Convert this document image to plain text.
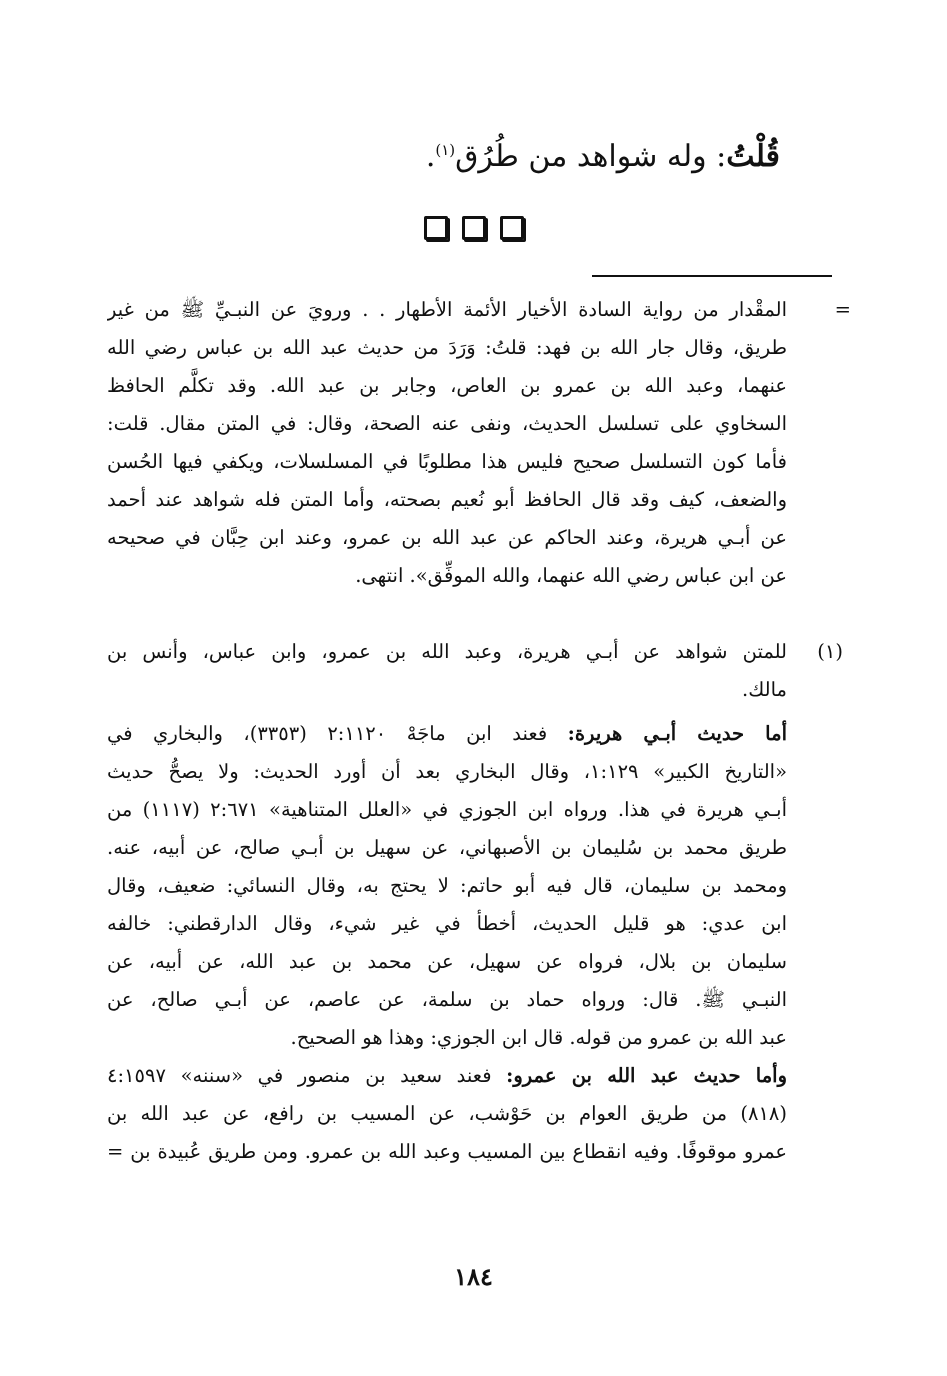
قُلْتُ: وله شواهد من طُرُق$^{(١)}$.
=
المقْدار من رواية السادة الأخيار الأئمة الأطهار . . ورويَ عن النبـيِّ ﷺ من غير
طريق، وقال جار الله بن فهد: قلتُ: وَرَدَ من حديث عبد الله بن عباس رضي الله
عنهما، وعبد الله بن عمرو بن العاص، وجابر بن عبد الله. وقد تكلَّم الحافظ
السخاوي على تسلسل الحديث، ونفى عنه الصحة، وقال: في المتن مقال. قلت:
فأما كون التسلسل صحيح فليس هذا مطلوبًا في المسلسلات، ويكفي فيها الحُسن
والضعف، كيف وقد قال الحافظ أبو نُعيم بصحته، وأما المتن فله شواهد عند أحمد
عن أبـي هريرة، وعند الحاكم عن عبد الله بن عمرو، وعند ابن حِبَّان في صحيحه
عن ابن عباس رضي الله عنهما، والله الموفِّق». انتهى.
(١)
للمتن شواهد عن أبـي هريرة، وعبد الله بن عمرو، وابن عباس، وأنس بن
مالك.
أما حديث أبـي هريرة: فعند ابن ماجَهْ ٢:١١٢٠ (٣٣٥٣)، والبخاري في
«التاريخ الكبير» ١:١٢٩، وقال البخاري بعد أن أورد الحديث: ولا يصحُّ حديث
أبـي هريرة في هذا. ورواه ابن الجوزي في «العلل المتناهية» ٢:٦٧١ (١١١٧) من
طريق محمد بن سُليمان بن الأصبهاني، عن سهيل بن أبـي صالح، عن أبيه، عنه.
ومحمد بن سليمان، قال فيه أبو حاتم: لا يحتج به، وقال النسائي: ضعيف، وقال
ابن عدي: هو قليل الحديث، أخطأ في غير شيء، وقال الدارقطني: خالفه
سليمان بن بلال، فرواه عن سهيل، عن محمد بن عبد الله، عن أبيه، عن
النبـي ﷺ. قال: ورواه حماد بن سلمة، عن عاصم، عن أبـي صالح، عن
عبد الله بن عمرو من قوله. قال ابن الجوزي: وهذا هو الصحيح.
وأما حديث عبد الله بن عمرو: فعند سعيد بن منصور في «سننه» ٤:١٥٩٧
(٨١٨) من طريق العوام بن حَوْشب، عن المسيب بن رافع، عن عبد الله بن
عمرو موقوفًا. وفيه انقطاع بين المسيب وعبد الله بن عمرو. ومن طريق عُبيدة بن =
١٨٤
